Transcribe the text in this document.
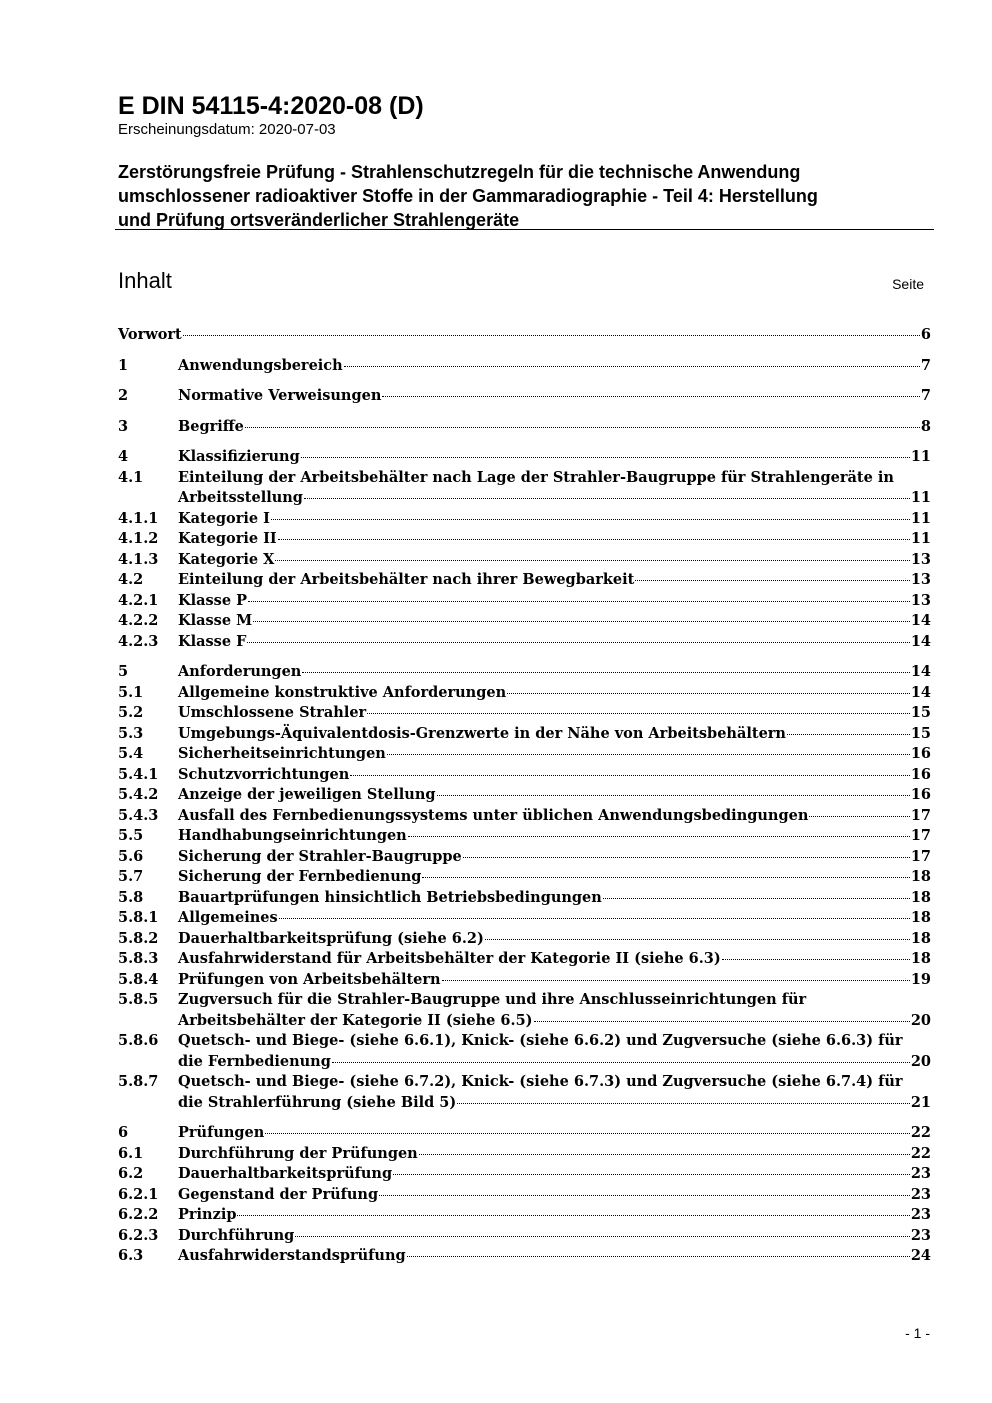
E DIN 54115-4:2020-08 (D)
Erscheinungsdatum: 2020-07-03
Zerstörungsfreie Prüfung - Strahlenschutzregeln für die technische Anwendung
umschlossener radioaktiver Stoffe in der Gammaradiographie - Teil 4: Herstellung
und Prüfung ortsveränderlicher Strahlengeräte
Inhalt	Seite
Vorwort	6
1	Anwendungsbereich	7
2	Normative Verweisungen	7
3	Begriffe	8
4	Klassifizierung	11
4.1 Einteilung der Arbeitsbehälter nach Lage der Strahler-Baugruppe für Strahlengeräte in
Arbeitsstellung	11
4.1.1 Kategorie I	11
4.1.2 Kategorie II	11
4.1.3 Kategorie X	13
4.2 Einteilung der Arbeitsbehälter nach ihrer Bewegbarkeit	13
4.2.1 Klasse P	13
4.2.2 Klasse M	14
4.2.3 Klasse F	14
5	Anforderungen	14
5.1 Allgemeine konstruktive Anforderungen	14
5.2 Umschlossene Strahler	15
5.3 Umgebungs-Äquivalentdosis-Grenzwerte in der Nähe von Arbeitsbehältern	15
5.4 Sicherheitseinrichtungen	16
5.4.1 Schutzvorrichtungen	16
5.4.2 Anzeige der jeweiligen Stellung	16
5.4.3 Ausfall des Fernbedienungssystems unter üblichen Anwendungsbedingungen	17
5.5 Handhabungseinrichtungen	17
5.6 Sicherung der Strahler-Baugruppe	17
5.7 Sicherung der Fernbedienung	18
5.8 Bauartprüfungen hinsichtlich Betriebsbedingungen	18
5.8.1 Allgemeines	18
5.8.2 Dauerhaltbarkeitsprüfung (siehe 6.2)	18
5.8.3 Ausfahrwiderstand für Arbeitsbehälter der Kategorie II (siehe 6.3)	18
5.8.4 Prüfungen von Arbeitsbehältern	19
5.8.5 Zugversuch für die Strahler-Baugruppe und ihre Anschlusseinrichtungen für
Arbeitsbehälter der Kategorie II (siehe 6.5)	20
5.8.6 Quetsch- und Biege- (siehe 6.6.1), Knick- (siehe 6.6.2) und Zugversuche (siehe 6.6.3) für
die Fernbedienung	20
5.8.7 Quetsch- und Biege- (siehe 6.7.2), Knick- (siehe 6.7.3) und Zugversuche (siehe 6.7.4) für
die Strahlerführung (siehe Bild 5)	21
6	Prüfungen	22
6.1 Durchführung der Prüfungen	22
6.2 Dauerhaltbarkeitsprüfung	23
6.2.1 Gegenstand der Prüfung	23
6.2.2 Prinzip	23
6.2.3 Durchführung	23
6.3 Ausfahrwiderstandsprüfung	24
- 1 -
